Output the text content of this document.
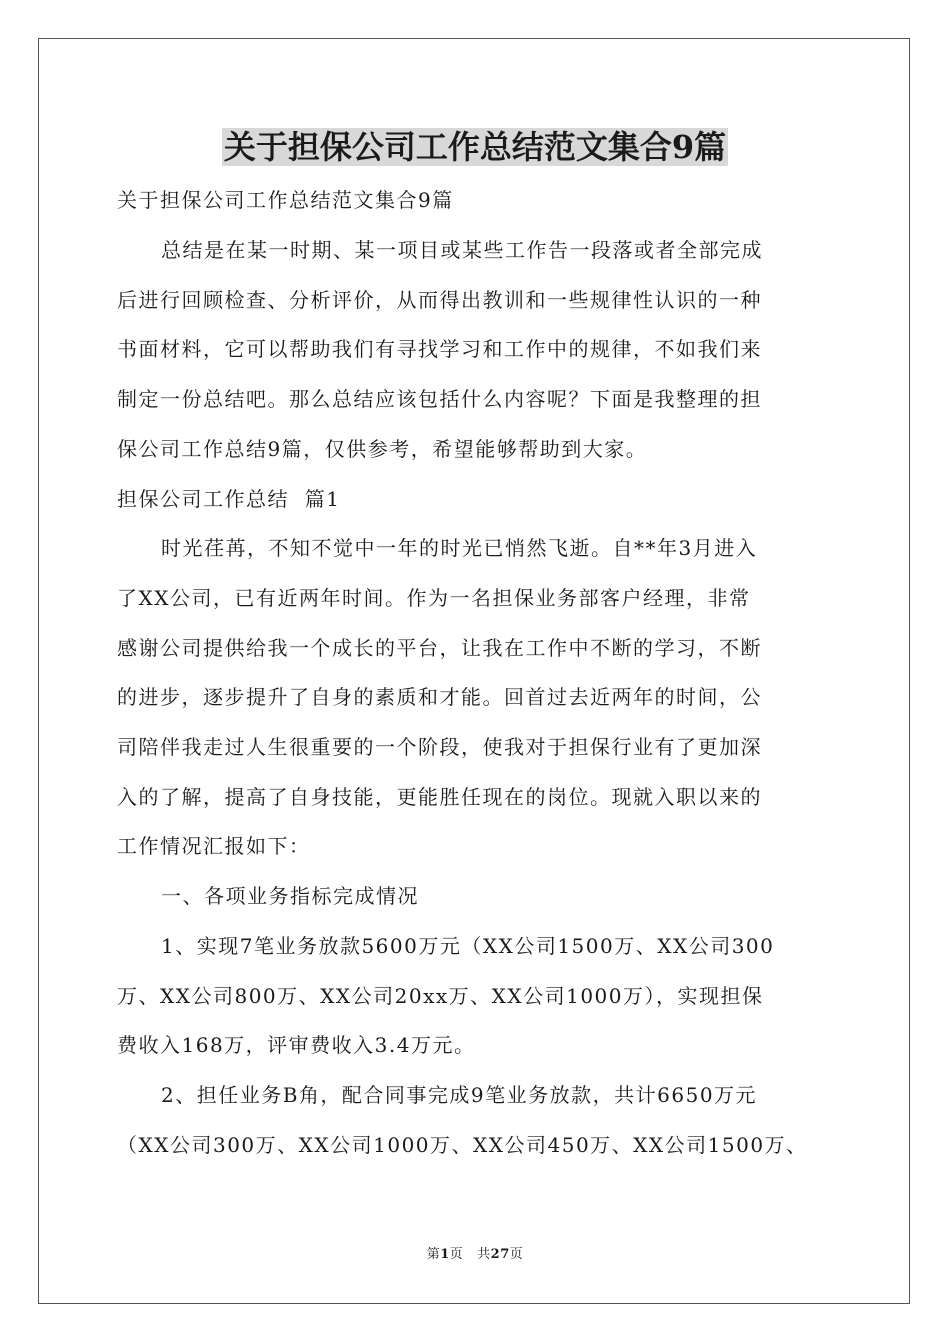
关于担保公司工作总结范文集合9篇
关于担保公司工作总结范文集合9篇
总结是在某一时期、某一项目或某些工作告一段落或者全部完成
后进行回顾检查、分析评价，从而得出教训和一些规律性认识的一种
书面材料，它可以帮助我们有寻找学习和工作中的规律，不如我们来
制定一份总结吧。那么总结应该包括什么内容呢？下面是我整理的担
保公司工作总结9篇，仅供参考，希望能够帮助到大家。
担保公司工作总结  篇1
时光荏苒，不知不觉中一年的时光已悄然飞逝。自**年3月进入
了XX公司，已有近两年时间。作为一名担保业务部客户经理，非常
感谢公司提供给我一个成长的平台，让我在工作中不断的学习，不断
的进步，逐步提升了自身的素质和才能。回首过去近两年的时间，公
司陪伴我走过人生很重要的一个阶段，使我对于担保行业有了更加深
入的了解，提高了自身技能，更能胜任现在的岗位。现就入职以来的
工作情况汇报如下：
一、各项业务指标完成情况
1、实现7笔业务放款5600万元（XX公司1500万、XX公司300
万、XX公司800万、XX公司20xx万、XX公司1000万），实现担保
费收入168万，评审费收入3.4万元。
2、担任业务B角，配合同事完成9笔业务放款，共计6650万元
（XX公司300万、XX公司1000万、XX公司450万、XX公司1500万、
第1页   共27页
